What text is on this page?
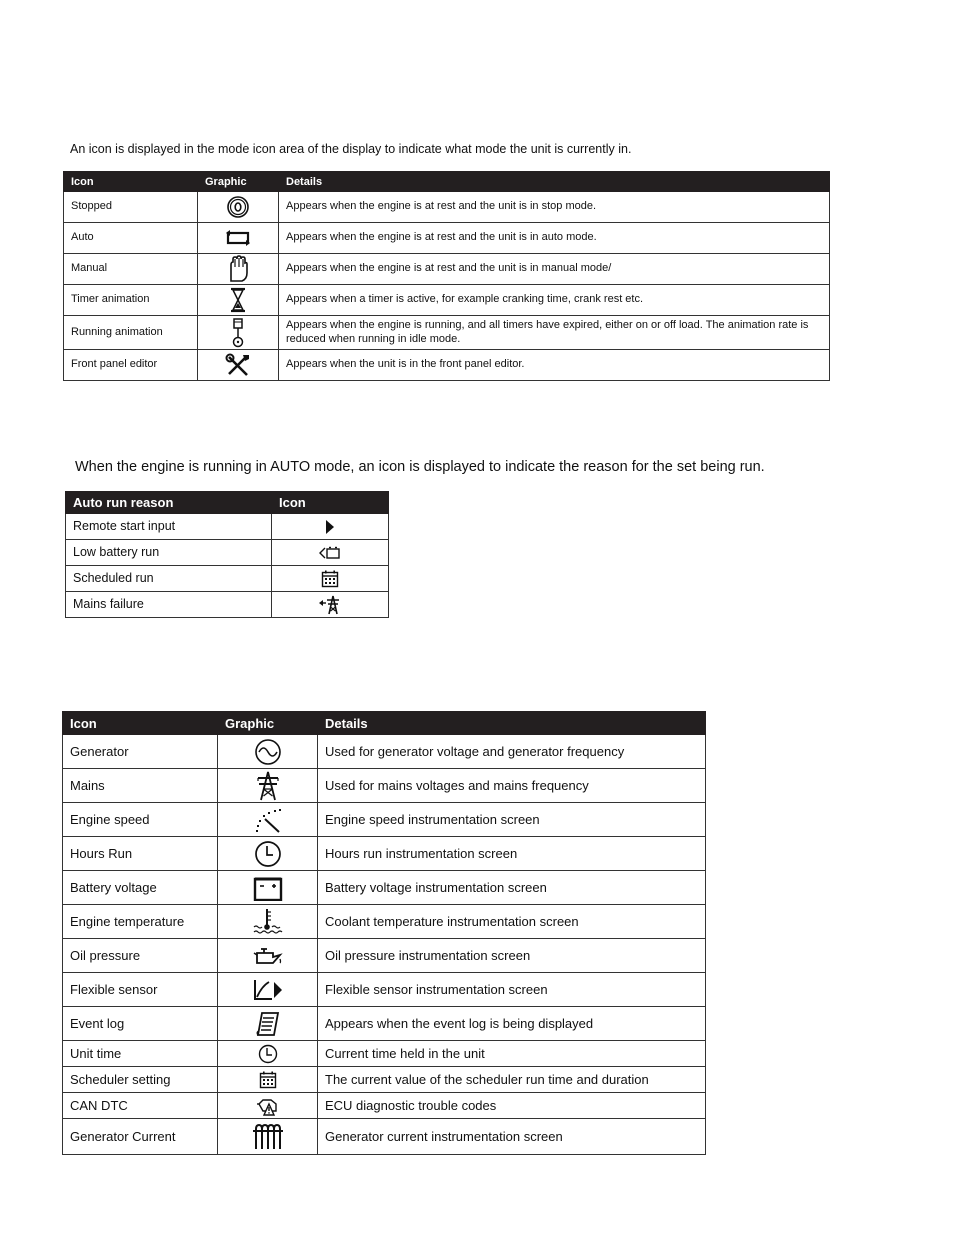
An icon is displayed in the mode icon area of the display to indicate what mode the unit is currently in.
Icon	Graphic	Details
Stopped		Appears when the engine is at rest and the unit is in stop mode.
Auto		Appears when the engine is at rest and the unit is in auto mode.
Manual		Appears when the engine is at rest and the unit is in manual mode/
Timer animation		Appears when a timer is active, for example cranking time, crank rest etc.
Running animation		Appears when the engine is running, and all timers have expired, either on or off load. The animation rate is reduced when running in idle mode.
Front panel editor		Appears when the unit is in the front panel editor.
When the engine is running in AUTO mode, an icon is displayed to indicate the reason for the set being run.
Auto run reason	Icon
Remote start input	

Low battery run	

Scheduled run	

Mains failure	
Icon	Graphic	Details
Generator		Used for generator voltage and generator frequency
Mains		Used for mains voltages and mains frequency
Engine speed		Engine speed instrumentation screen
Hours Run		Hours run instrumentation screen
Battery voltage		Battery voltage instrumentation screen
Engine temperature		Coolant temperature instrumentation screen
Oil pressure		Oil pressure instrumentation screen
Flexible sensor		Flexible sensor instrumentation screen
Event log		Appears when the event log is being displayed
Unit time		Current time held in the unit
Scheduler setting		The current value of the scheduler run time and duration
CAN DTC		ECU diagnostic trouble codes
Generator Current		Generator current instrumentation screen
